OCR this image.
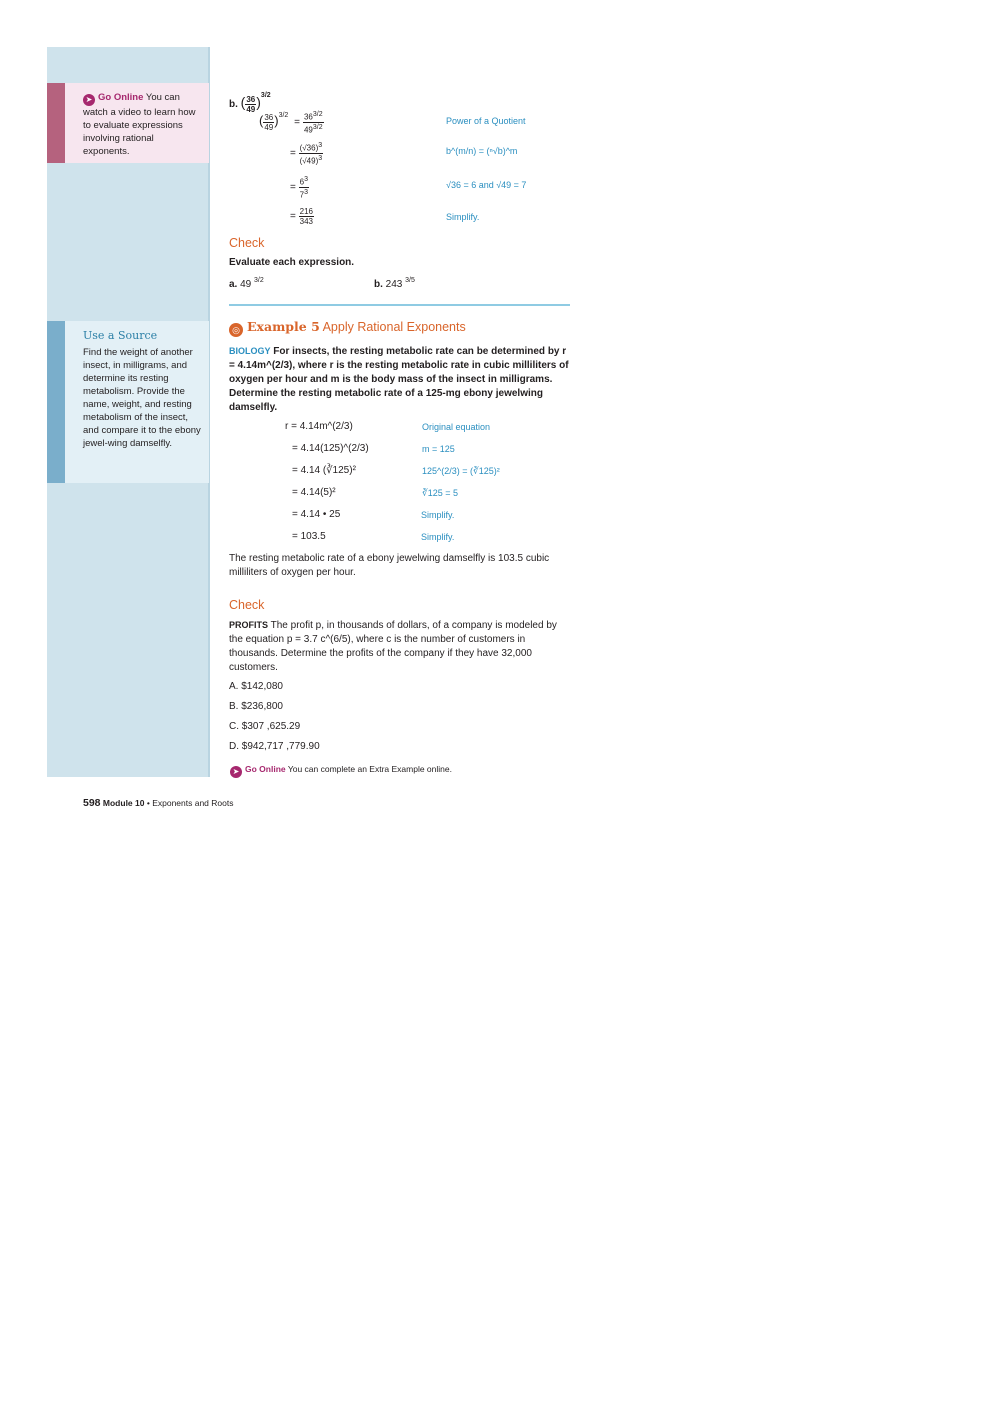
➤ Go Online You can watch a video to learn how to evaluate expressions involving rational exponents.
Use a Source
Find the weight of another insect, in milligrams, and determine its resting metabolism. Provide the name, weight, and resting metabolism of the insect, and compare it to the ebony jewel-wing damselfly.
b. ( $\frac{36}{49} )^{3/2}$
( $\frac{36}{49} )^{3/2} = \frac{36^{3/2}}{49^{3/2}}$	Power of a Quotient
= $\frac{(√36)^3}{(√49)^3}$	b^(m/n) = (ⁿ√b)^m
= $\frac{6^3}{7^3}$	√36 = 6 and √49 = 7
= $\frac{216}{343}$	Simplify.
Check
Evaluate each expression.
a. 49 $^{3/2}$	b. 243 $^{3/5}$
◎ Example 5 Apply Rational Exponents
BIOLOGY For insects, the resting metabolic rate can be determined by r = 4.14m^(2/3), where r is the resting metabolic rate in cubic milliliters of oxygen per hour and m is the body mass of the insect in milligrams. Determine the resting metabolic rate of a 125-mg ebony jewelwing damselfly.
r = 4.14m^(2/3)	Original equation
= 4.14(125)^(2/3)	m = 125
= 4.14 (∛125)²	125^(2/3) = (∛125)²
= 4.14(5)²	∛125 = 5
= 4.14 • 25	Simplify.
= 103.5	Simplify.
The resting metabolic rate of a ebony jewelwing damselfly is 103.5 cubic milliliters of oxygen per hour.
Check
PROFITS The profit p, in thousands of dollars, of a company is modeled by the equation p = 3.7 c^(6/5), where c is the number of customers in thousands. Determine the profits of the company if they have 32,000 customers.
A. $142,080
B. $236,800
C. $307 ,625.29
D. $942,717 ,779.90
➤ Go Online You can complete an Extra Example online.
598 Module 10 • Exponents and Roots
